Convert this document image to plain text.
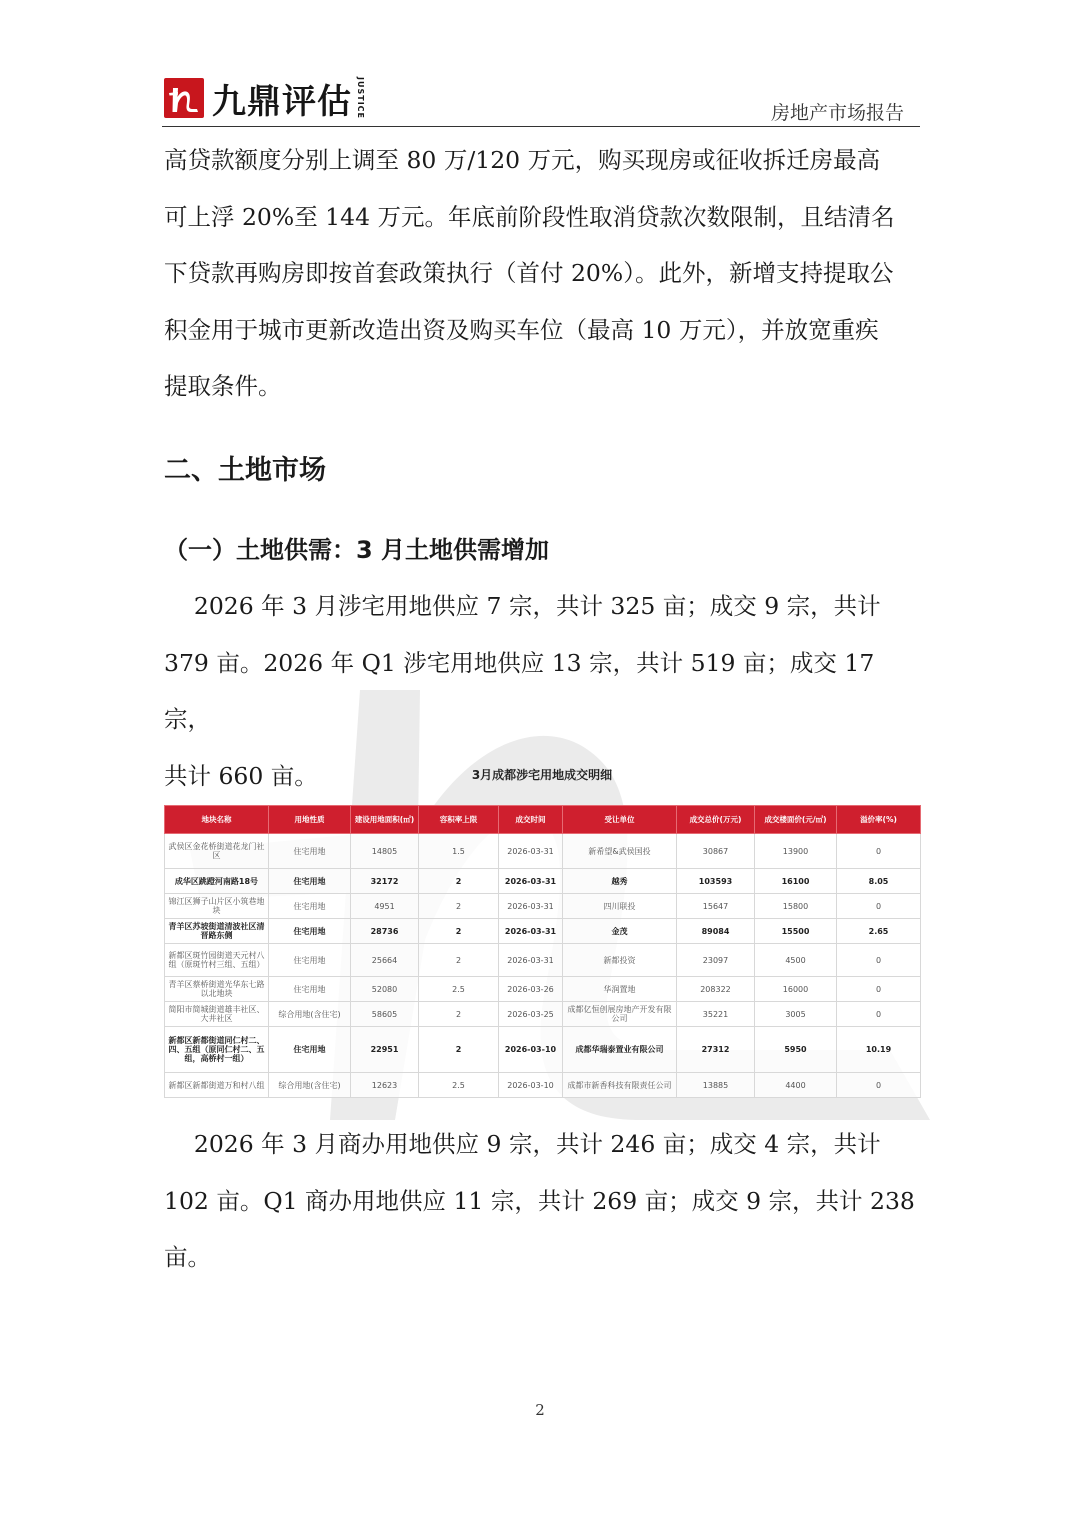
九鼎评估 JUSTICE	房地产市场报告

高贷款额度分别上调至 80 万/120 万元，购买现房或征收拆迁房最高
可上浮 20%至 144 万元。年底前阶段性取消贷款次数限制，且结清名
下贷款再购房即按首套政策执行（首付 20%）。此外，新增支持提取公
积金用于城市更新改造出资及购买车位（最高 10 万元），并放宽重疾
提取条件。

二、土地市场
（一）土地供需：3 月土地供需增加

2026 年 3 月涉宅用地供应 7 宗，共计 325 亩；成交 9 宗，共计
379 亩。2026 年 Q1 涉宅用地供应 13 宗，共计 519 亩；成交 17 宗，
共计 660 亩。	3月成都涉宅用地成交明细
地块名称	用地性质	建设用地面积(㎡)	容积率上限	成交时间	受让单位	成交总价(万元)	成交楼面价(元/㎡)	溢价率(%)
武侯区金花桥街道花龙门社区	住宅用地	14805	1.5	2026-03-31	新希望&武侯国投	30867	13900	0
成华区跳蹬河南路18号	住宅用地	32172	2	2026-03-31	越秀	103593	16100	8.05
锦江区狮子山片区小筑巷地块	住宅用地	4951	2	2026-03-31	四川联投	15647	15800	0
青羊区苏坡街道清波社区清晋路东侧	住宅用地	28736	2	2026-03-31	金茂	89084	15500	2.65
新都区斑竹园街道天元村八组（原斑竹村三组、五组）	住宅用地	25664	2	2026-03-31	新都投资	23097	4500	0
青羊区蔡桥街道光华东七路以北地块	住宅用地	52080	2.5	2026-03-26	华润置地	208322	16000	0
简阳市简城街道雄丰社区、大井社区	综合用地(含住宅)	58605	2	2026-03-25	成都亿恒创展房地产开发有限公司	35221	3005	0
新都区新都街道同仁村二、四、五组（原同仁村二、五组，高桥村一组）	住宅用地	22951	2	2026-03-10	成都华瑞泰置业有限公司	27312	5950	10.19
新都区新都街道万和村八组	综合用地(含住宅)	12623	2.5	2026-03-10	成都市新香科技有限责任公司	13885	4400	0

2026 年 3 月商办用地供应 9 宗，共计 246 亩；成交 4 宗，共计
102 亩。Q1 商办用地供应 11 宗，共计 269 亩；成交 9 宗，共计 238
亩。

2
